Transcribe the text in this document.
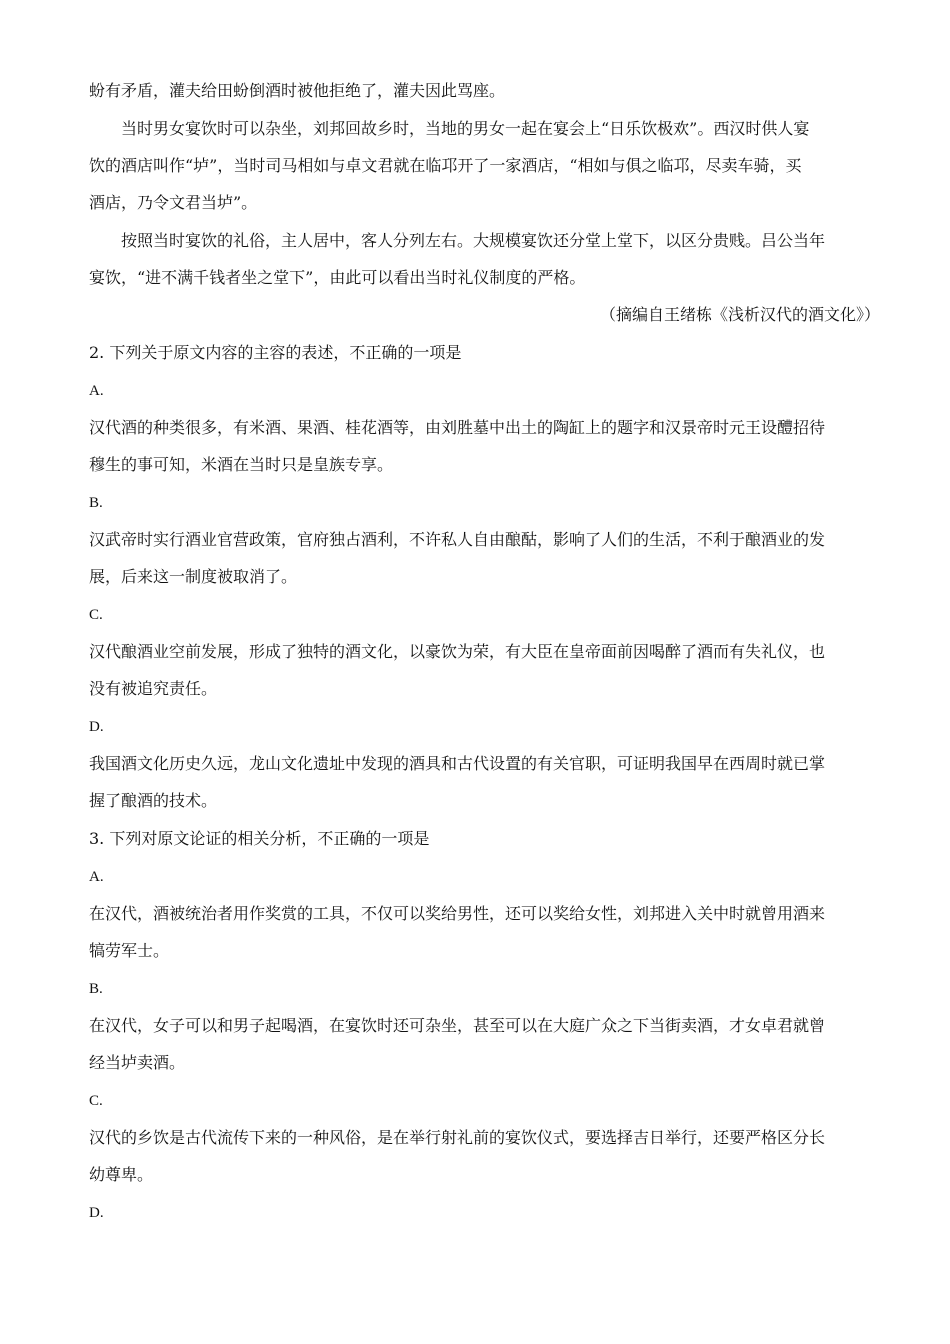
蚡有矛盾，灌夫给田蚡倒酒时被他拒绝了，灌夫因此骂座。
当时男女宴饮时可以杂坐，刘邦回故乡时，当地的男女一起在宴会上“日乐饮极欢”。西汉时供人宴
饮的酒店叫作“垆”，当时司马相如与卓文君就在临邛开了一家酒店，“相如与俱之临邛，尽卖车骑，买
酒店，乃令文君当垆”。
按照当时宴饮的礼俗，主人居中，客人分列左右。大规模宴饮还分堂上堂下，以区分贵贱。吕公当年
宴饮，“进不满千钱者坐之堂下”，由此可以看出当时礼仪制度的严格。
（摘编自王绪栋《浅析汉代的酒文化》）
2. 下列关于原文内容的主容的表述，不正确的一项是
A.
汉代酒的种类很多，有米酒、果酒、桂花酒等，由刘胜墓中出土的陶缸上的题字和汉景帝时元王设醴招待
穆生的事可知，米酒在当时只是皇族专享。
B.
汉武帝时实行酒业官营政策，官府独占酒利，不许私人自由酿酤，影响了人们的生活，不利于酿酒业的发
展，后来这一制度被取消了。
C.
汉代酿酒业空前发展，形成了独特的酒文化，以豪饮为荣，有大臣在皇帝面前因喝醉了酒而有失礼仪，也
没有被追究责任。
D.
我国酒文化历史久远，龙山文化遗址中发现的酒具和古代设置的有关官职，可证明我国早在西周时就已掌
握了酿酒的技术。
3. 下列对原文论证的相关分析，不正确的一项是
A.
在汉代，酒被统治者用作奖赏的工具，不仅可以奖给男性，还可以奖给女性，刘邦进入关中时就曾用酒来
犒劳军士。
B.
在汉代，女子可以和男子起喝酒，在宴饮时还可杂坐，甚至可以在大庭广众之下当街卖酒，才女卓君就曾
经当垆卖酒。
C.
汉代的乡饮是古代流传下来的一种风俗，是在举行射礼前的宴饮仪式，要选择吉日举行，还要严格区分长
幼尊卑。
D.
